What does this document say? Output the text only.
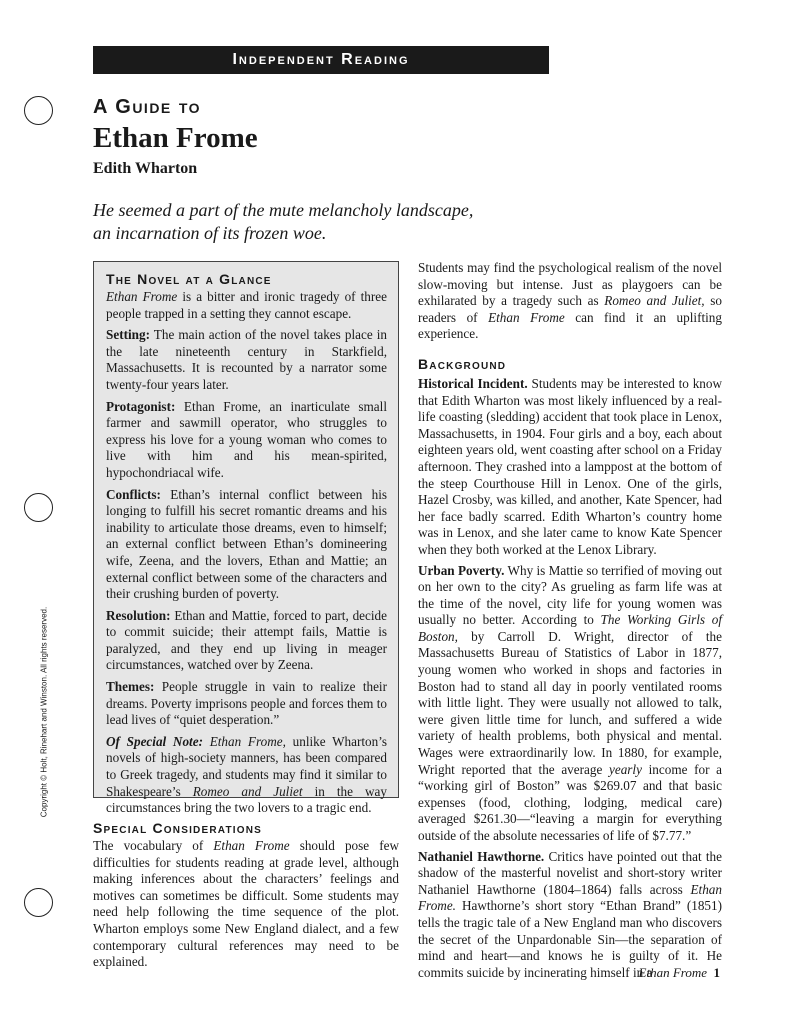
Independent Reading
Copyright © Holt, Rinehart and Winston. All rights reserved.
A Guide to
Ethan Frome
Edith Wharton
He seemed a part of the mute melancholy landscape,
an incarnation of its frozen woe.
The Novel at a Glance

Ethan Frome is a bitter and ironic tragedy of three people trapped in a setting they cannot escape.

Setting: The main action of the novel takes place in the late nineteenth century in Starkfield, Massachusetts. It is recounted by a narrator some twenty-four years later.

Protagonist: Ethan Frome, an inarticulate small farmer and sawmill operator, who struggles to express his love for a young woman who comes to live with him and his mean-spirited, hypochondriacal wife.

Conflicts: Ethan’s internal conflict between his longing to fulfill his secret romantic dreams and his inability to articulate those dreams, even to himself; an external conflict between Ethan’s domineering wife, Zeena, and the lovers, Ethan and Mattie; an external conflict between some of the characters and their crushing burden of poverty.

Resolution: Ethan and Mattie, forced to part, decide to commit suicide; their attempt fails, Mattie is paralyzed, and they end up living in meager circumstances, watched over by Zeena.

Themes: People struggle in vain to realize their dreams. Poverty imprisons people and forces them to lead lives of “quiet desperation.”

Of Special Note: Ethan Frome, unlike Wharton’s novels of high-society manners, has been compared to Greek tragedy, and students may find it similar to Shakespeare’s Romeo and Juliet in the way circumstances bring the two lovers to a tragic end.

Special Considerations

The vocabulary of Ethan Frome should pose few difficulties for students reading at grade level, although making inferences about the characters’ feelings and motives can sometimes be difficult. Some students may need help following the time sequence of the plot. Wharton employs some New England dialect, and a few contemporary cultural references may need to be explained.

Students may find the psychological realism of the novel slow-moving but intense. Just as playgoers can be exhilarated by a tragedy such as Romeo and Juliet, so readers of Ethan Frome can find it an uplifting experience.

Background

Historical Incident. Students may be interested to know that Edith Wharton was most likely influenced by a real-life coasting (sledding) accident that took place in Lenox, Massachusetts, in 1904. Four girls and a boy, each about eighteen years old, went coasting after school on a Friday afternoon. They crashed into a lamppost at the bottom of the steep Courthouse Hill in Lenox. One of the girls, Hazel Crosby, was killed, and another, Kate Spencer, had her face badly scarred. Edith Wharton’s country home was in Lenox, and she later came to know Kate Spencer when they both worked at the Lenox Library.

Urban Poverty. Why is Mattie so terrified of moving out on her own to the city? As grueling as farm life was at the time of the novel, city life for young women was usually no better. According to The Working Girls of Boston, by Carroll D. Wright, director of the Massachusetts Bureau of Statistics of Labor in 1877, young women who worked in shops and factories in Boston had to stand all day in poorly ventilated rooms with little light. They were usually not allowed to talk, were given little time for lunch, and suffered a wide variety of health problems, both physical and mental. Wages were extraordinarily low. In 1880, for example, Wright reported that the average yearly income for a “working girl of Boston” was $269.07 and that basic expenses (food, clothing, lodging, medical care) averaged $261.30—“leaving a margin for everything outside of the absolute necessaries of life of $7.77.”

Nathaniel Hawthorne. Critics have pointed out that the shadow of the masterful novelist and short-story writer Nathaniel Hawthorne (1804–1864) falls across Ethan Frome. Hawthorne’s short story “Ethan Brand” (1851) tells the tragic tale of a New England man who discovers the secret of the Unpardonable Sin—the separation of mind and heart—and knows he is guilty of it. He commits suicide by incinerating himself in a

Ethan Frome 1
